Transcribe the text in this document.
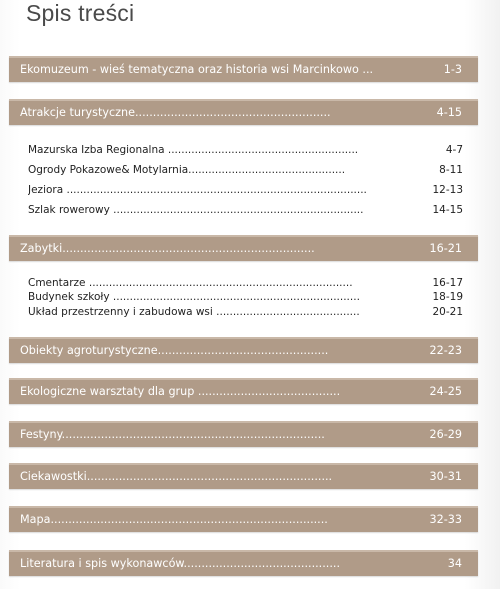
Spis treści
Ekomuzeum - wieś tematyczna oraz historia wsi Marcinkowo ...	1-3
Atrakcje turystyczne.......................................................	4-15
Mazurska Izba Regionalna .........................................................	4-7
Ogrody Pokazowe& Motylarnia...............................................	8-11
Jeziora ..........................................................................................	12-13
Szlak rowerowy ...........................................................................	14-15
Zabytki.......................................................................	16-21
Cmentarze ...............................................................................	16-17
Budynek szkoły ..........................................................................	18-19
Układ przestrzenny i zabudowa wsi ...........................................	20-21
Obiekty agroturystyczne................................................	22-23
Ekologiczne warsztaty dla grup ........................................	24-25
Festyny..........................................................................	26-29
Ciekawostki.....................................................................	30-31
Mapa..............................................................................	32-33
Literatura i spis wykonawców............................................	34
